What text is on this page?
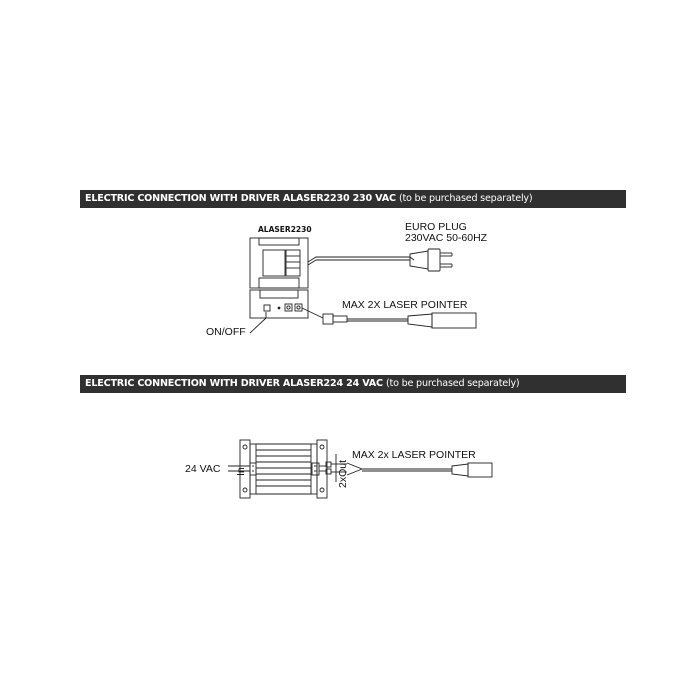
ELECTRIC CONNECTION WITH DRIVER ALASER2230 230 VAC (to be purchased separately)
ELECTRIC CONNECTION WITH DRIVER ALASER224 24 VAC (to be purchased separately)
ALASER2230	EURO PLUG
230VAC 50-60HZ
MAX 2X LASER POINTER
ON/OFF
24 VAC In	2xOut
MAX 2x LASER POINTER
